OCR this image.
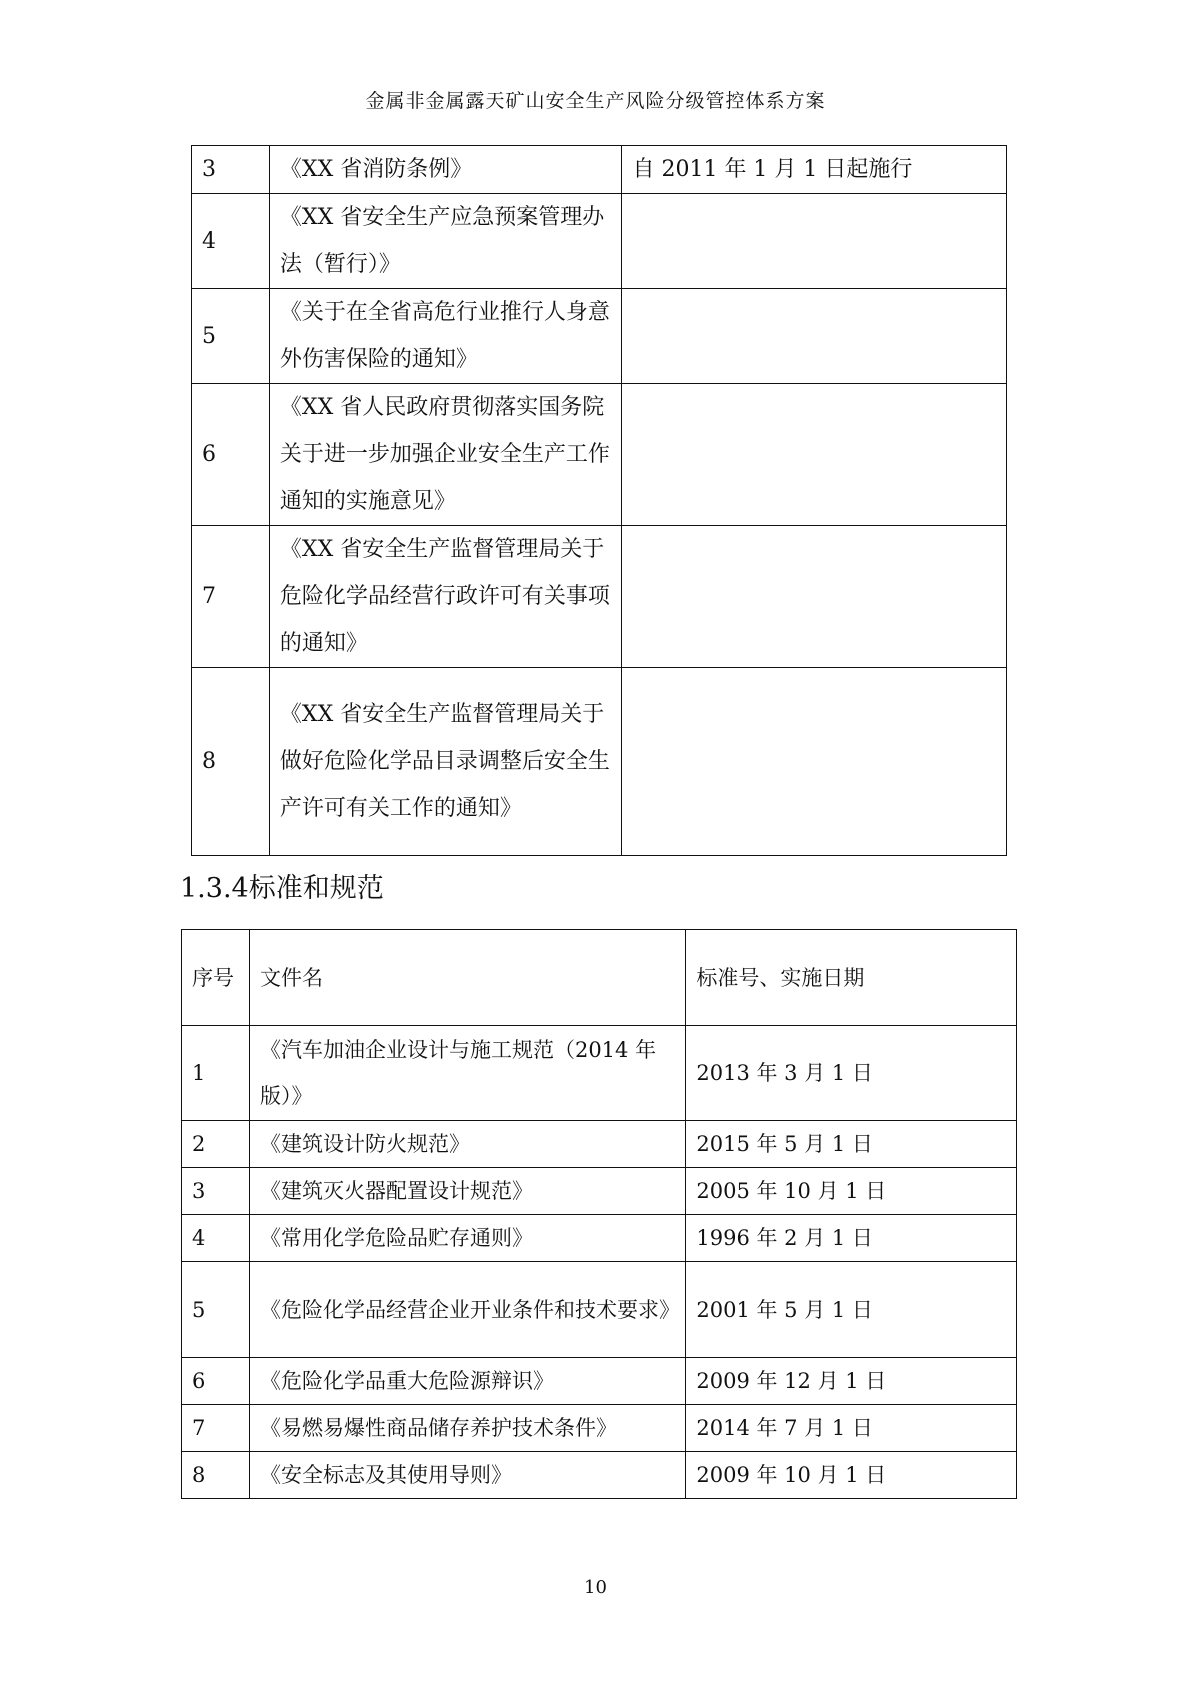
金属非金属露天矿山安全生产风险分级管控体系方案
3	《XX 省消防条例》	自 2011 年 1 月 1 日起施行
4	《XX 省安全生产应急预案管理办法（暂行）》	
5	《关于在全省高危行业推行人身意外伤害保险的通知》	
6	《XX 省人民政府贯彻落实国务院关于进一步加强企业安全生产工作通知的实施意见》	
7	《XX 省安全生产监督管理局关于危险化学品经营行政许可有关事项的通知》	
8	《XX 省安全生产监督管理局关于做好危险化学品目录调整后安全生产许可有关工作的通知》	
1.3.4标准和规范
序号	文件名	标准号、实施日期
1	《汽车加油企业设计与施工规范（2014 年版）》	2013 年 3 月 1 日
2	《建筑设计防火规范》	2015 年 5 月 1 日
3	《建筑灭火器配置设计规范》	2005 年 10 月 1 日
4	《常用化学危险品贮存通则》	1996 年 2 月 1 日
5	《危险化学品经营企业开业条件和技术要求》	2001 年 5 月 1 日
6	《危险化学品重大危险源辩识》	2009 年 12 月 1 日
7	《易燃易爆性商品储存养护技术条件》	2014 年 7 月 1 日
8	《安全标志及其使用导则》	2009 年 10 月 1 日
10
